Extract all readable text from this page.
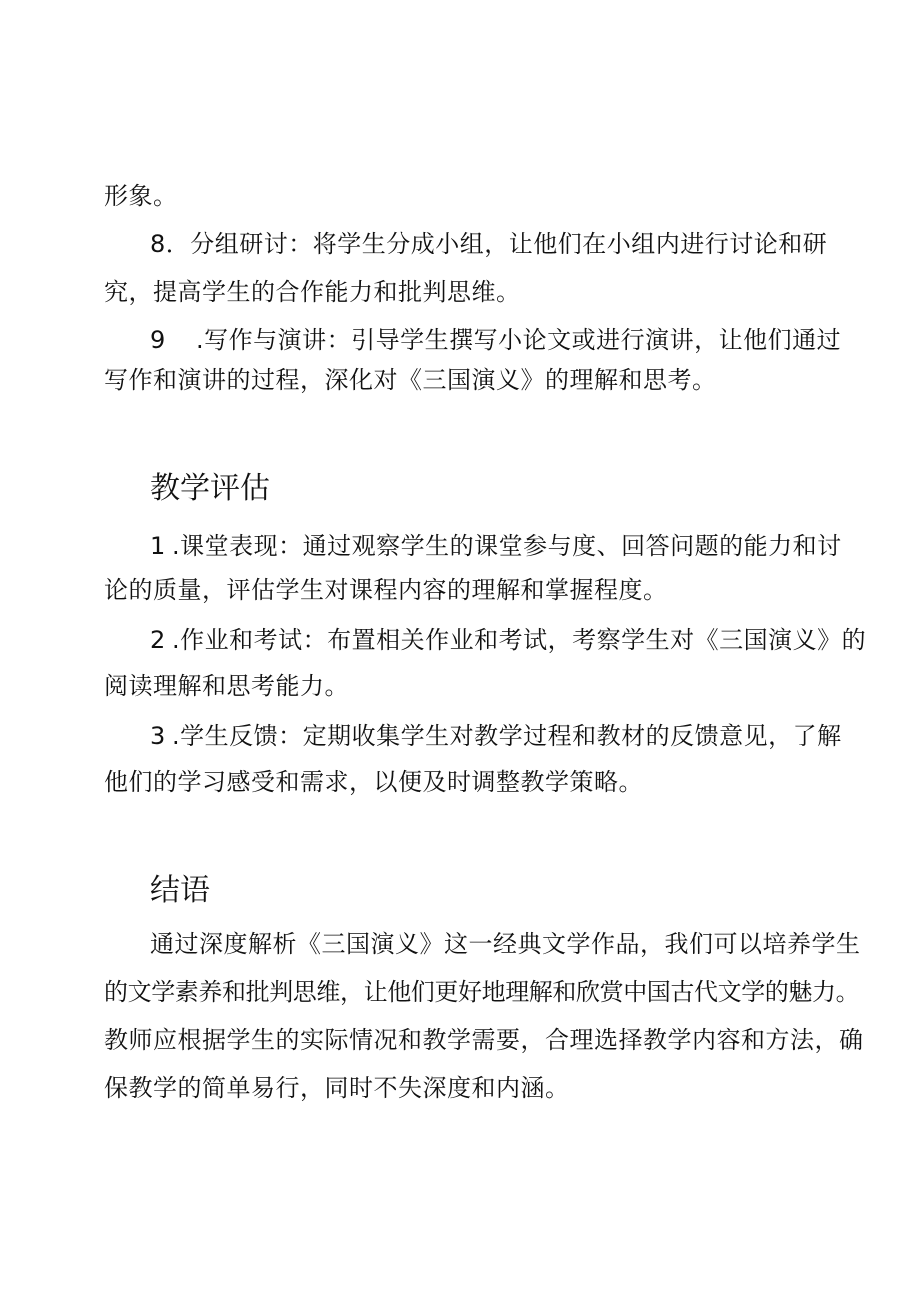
形象。
8．分组研讨：将学生分成小组，让他们在小组内进行讨论和研
究，提高学生的合作能力和批判思维。
9 .写作与演讲：引导学生撰写小论文或进行演讲，让他们通过
写作和演讲的过程，深化对《三国演义》的理解和思考。
教学评估
1 .课堂表现：通过观察学生的课堂参与度、回答问题的能力和讨
论的质量，评估学生对课程内容的理解和掌握程度。
2 .作业和考试：布置相关作业和考试，考察学生对《三国演义》的
阅读理解和思考能力。
3 .学生反馈：定期收集学生对教学过程和教材的反馈意见，了解
他们的学习感受和需求，以便及时调整教学策略。
结语
通过深度解析《三国演义》这一经典文学作品，我们可以培养学生
的文学素养和批判思维，让他们更好地理解和欣赏中国古代文学的魅力。
教师应根据学生的实际情况和教学需要，合理选择教学内容和方法，确
保教学的简单易行，同时不失深度和内涵。
